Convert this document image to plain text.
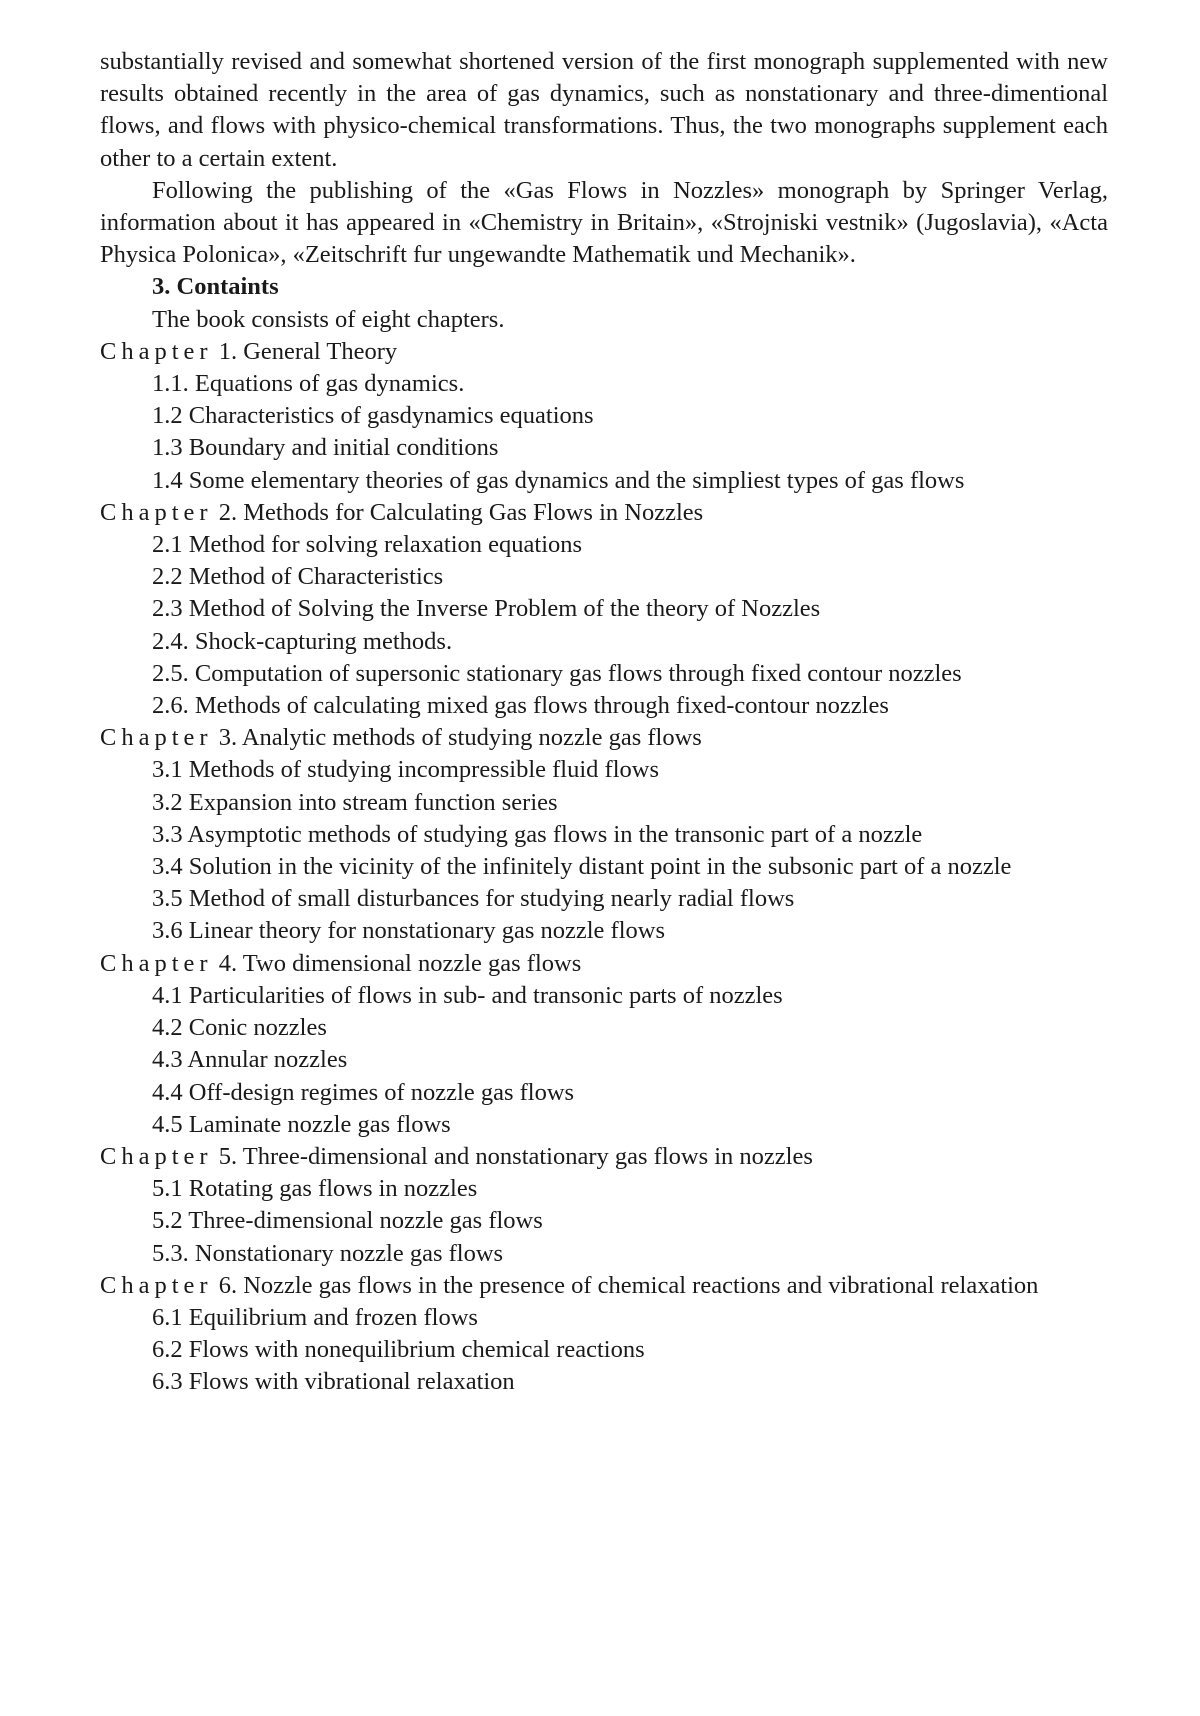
substantially revised and somewhat shortened version of the first monograph supplemented with new results obtained recently in the area of gas dynamics, such as nonstationary and three-dimentional flows, and flows with physico-chemical transformations. Thus, the two monographs supplement each other to a certain extent.

Following the publishing of the «Gas Flows in Nozzles» monograph by Springer Verlag, information about it has appeared in «Chemistry in Britain», «Strojniski vestnik» (Jugoslavia), «Acta Physica Polonica», «Zeitschrift fur ungewandte Mathematik und Mechanik».

3. Containts

The book consists of eight chapters.

Chapter 1. General Theory

1.1. Equations of gas dynamics.

1.2 Characteristics of gasdynamics equations

1.3 Boundary and initial conditions

1.4 Some elementary theories of gas dynamics and the simpliest types of gas flows

Chapter 2. Methods for Calculating Gas Flows in Nozzles

2.1 Method for solving relaxation equations

2.2 Method of Characteristics

2.3 Method of Solving the Inverse Problem of the theory of Nozzles

2.4. Shock-capturing methods.

2.5. Computation of supersonic stationary gas flows through fixed contour nozzles

2.6. Methods of calculating mixed gas flows through fixed-contour nozzles

Chapter 3. Analytic methods of studying nozzle gas flows

3.1 Methods of studying incompressible fluid flows

3.2 Expansion into stream function series

3.3 Asymptotic methods of studying gas flows in the transonic part of a nozzle

3.4 Solution in the vicinity of the infinitely distant point in the subsonic part of a nozzle

3.5 Method of small disturbances for studying nearly radial flows

3.6 Linear theory for nonstationary gas nozzle flows

Chapter 4. Two dimensional nozzle gas flows

4.1 Particularities of flows in sub- and transonic parts of nozzles

4.2 Conic nozzles

4.3 Annular nozzles

4.4 Off-design regimes of nozzle gas flows

4.5 Laminate nozzle gas flows

Chapter 5. Three-dimensional and nonstationary gas flows in nozzles

5.1 Rotating gas flows in nozzles

5.2 Three-dimensional nozzle gas flows

5.3. Nonstationary nozzle gas flows

Chapter 6. Nozzle gas flows in the presence of chemical reactions and vibrational relaxation

6.1 Equilibrium and frozen flows

6.2 Flows with nonequilibrium chemical reactions

6.3 Flows with vibrational relaxation
